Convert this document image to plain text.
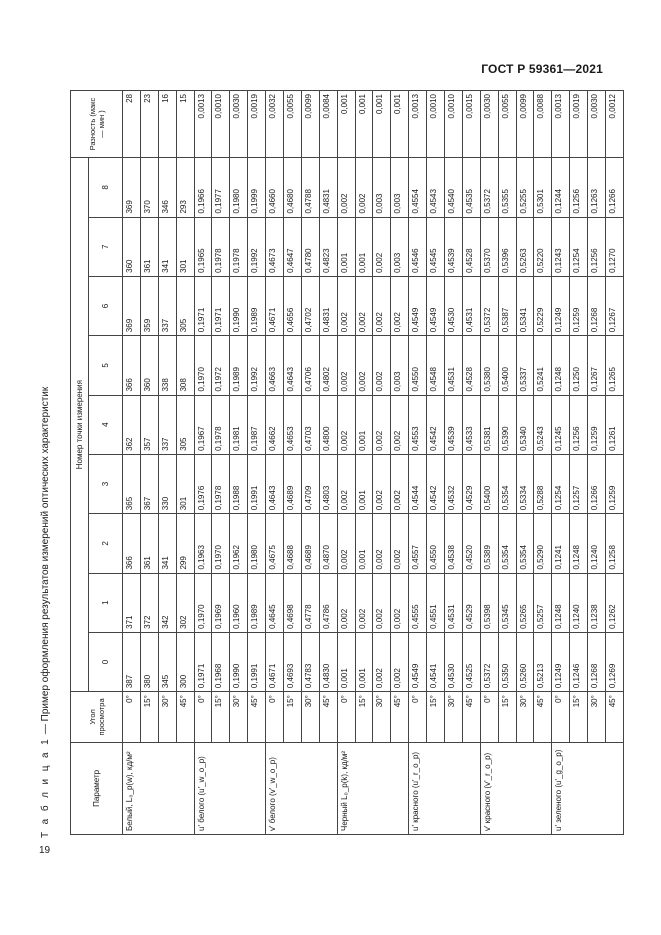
ГОСТ Р 59361—2021
Т а б л и ц а 1 — Пример оформления результатов измерений оптических характеристик
Параметр	Угол просмотра	Номер точки измерения									Разность (макс — мин )
		0	1	2	3	4	5	6	7	8	
Белый, L₀_p(w), кд/м²	0°	387	371	366	365	362	366	369	360	369	28
	15°	380	372	361	367	357	360	359	361	370	23
	30°	345	342	341	330	337	338	337	341	346	16
	45°	300	302	299	301	305	308	305	301	293	15
u' белого (u'_w_o_p)	0°	0,1971	0,1970	0,1963	0,1976	0,1967	0,1970	0,1971	0,1965	0,1966	0,0013
	15°	0,1968	0,1969	0,1970	0,1978	0,1978	0,1972	0,1971	0,1978	0,1977	0,0010
	30°	0,1990	0,1960	0,1962	0,1988	0,1981	0,1989	0,1990	0,1978	0,1980	0,0030
	45°	0,1991	0,1989	0,1980	0,1991	0,1987	0,1992	0,1989	0,1992	0,1999	0,0019
v' белого (v'_w_o_p)	0°	0,4671	0,4645	0,4675	0,4643	0,4662	0,4663	0,4671	0,4673	0,4660	0,0032
	15°	0,4693	0,4698	0,4688	0,4689	0,4653	0,4643	0,4656	0,4647	0,4680	0,0055
	30°	0,4783	0,4778	0,4689	0,4709	0,4703	0,4706	0,4702	0,4780	0,4788	0,0099
	45°	0,4830	0,4786	0,4870	0,4803	0,4800	0,4802	0,4831	0,4823	0,4831	0,0084
Черный L₀_p(k), кд/м²	0°	0,001	0,002	0,002	0,002	0,002	0,002	0,002	0,001	0,002	0,001
	15°	0,001	0,002	0,001	0,001	0,001	0,002	0,002	0,001	0,002	0,001
	30°	0,002	0,002	0,002	0,002	0,002	0,002	0,002	0,002	0,003	0,001
	45°	0,002	0,002	0,002	0,002	0,002	0,003	0,002	0,003	0,003	0,001
u' красного (u'_r_o_p)	0°	0,4549	0,4555	0,4557	0,4544	0,4553	0,4550	0,4549	0,4546	0,4554	0,0013
	15°	0,4541	0,4551	0,4550	0,4542	0,4542	0,4548	0,4549	0,4545	0,4543	0,0010
	30°	0,4530	0,4531	0,4538	0,4532	0,4539	0,4531	0,4530	0,4539	0,4540	0,0010
	45°	0,4525	0,4529	0,4520	0,4529	0,4533	0,4528	0,4531	0,4528	0,4535	0,0015
v' красного (v'_r_o_p)	0°	0,5372	0,5398	0,5389	0,5400	0,5381	0,5380	0,5372	0,5370	0,5372	0,0030
	15°	0,5350	0,5345	0,5354	0,5354	0,5390	0,5400	0,5387	0,5396	0,5355	0,0055
	30°	0,5260	0,5265	0,5354	0,5334	0,5340	0,5337	0,5341	0,5263	0,5255	0,0099
	45°	0,5213	0,5257	0,5290	0,5288	0,5243	0,5241	0,5229	0,5220	0,5301	0,0088
u' зеленого (u'_g_o_p)	0°	0,1249	0,1248	0,1241	0,1254	0,1245	0,1248	0,1249	0,1243	0,1244	0,0013
	15°	0,1246	0,1240	0,1248	0,1257	0,1256	0,1250	0,1259	0,1254	0,1256	0,0019
	30°	0,1268	0,1238	0,1240	0,1266	0,1259	0,1267	0,1268	0,1256	0,1263	0,0030
	45°	0,1269	0,1262	0,1258	0,1259	0,1261	0,1265	0,1267	0,1270	0,1266	0,0012
19
